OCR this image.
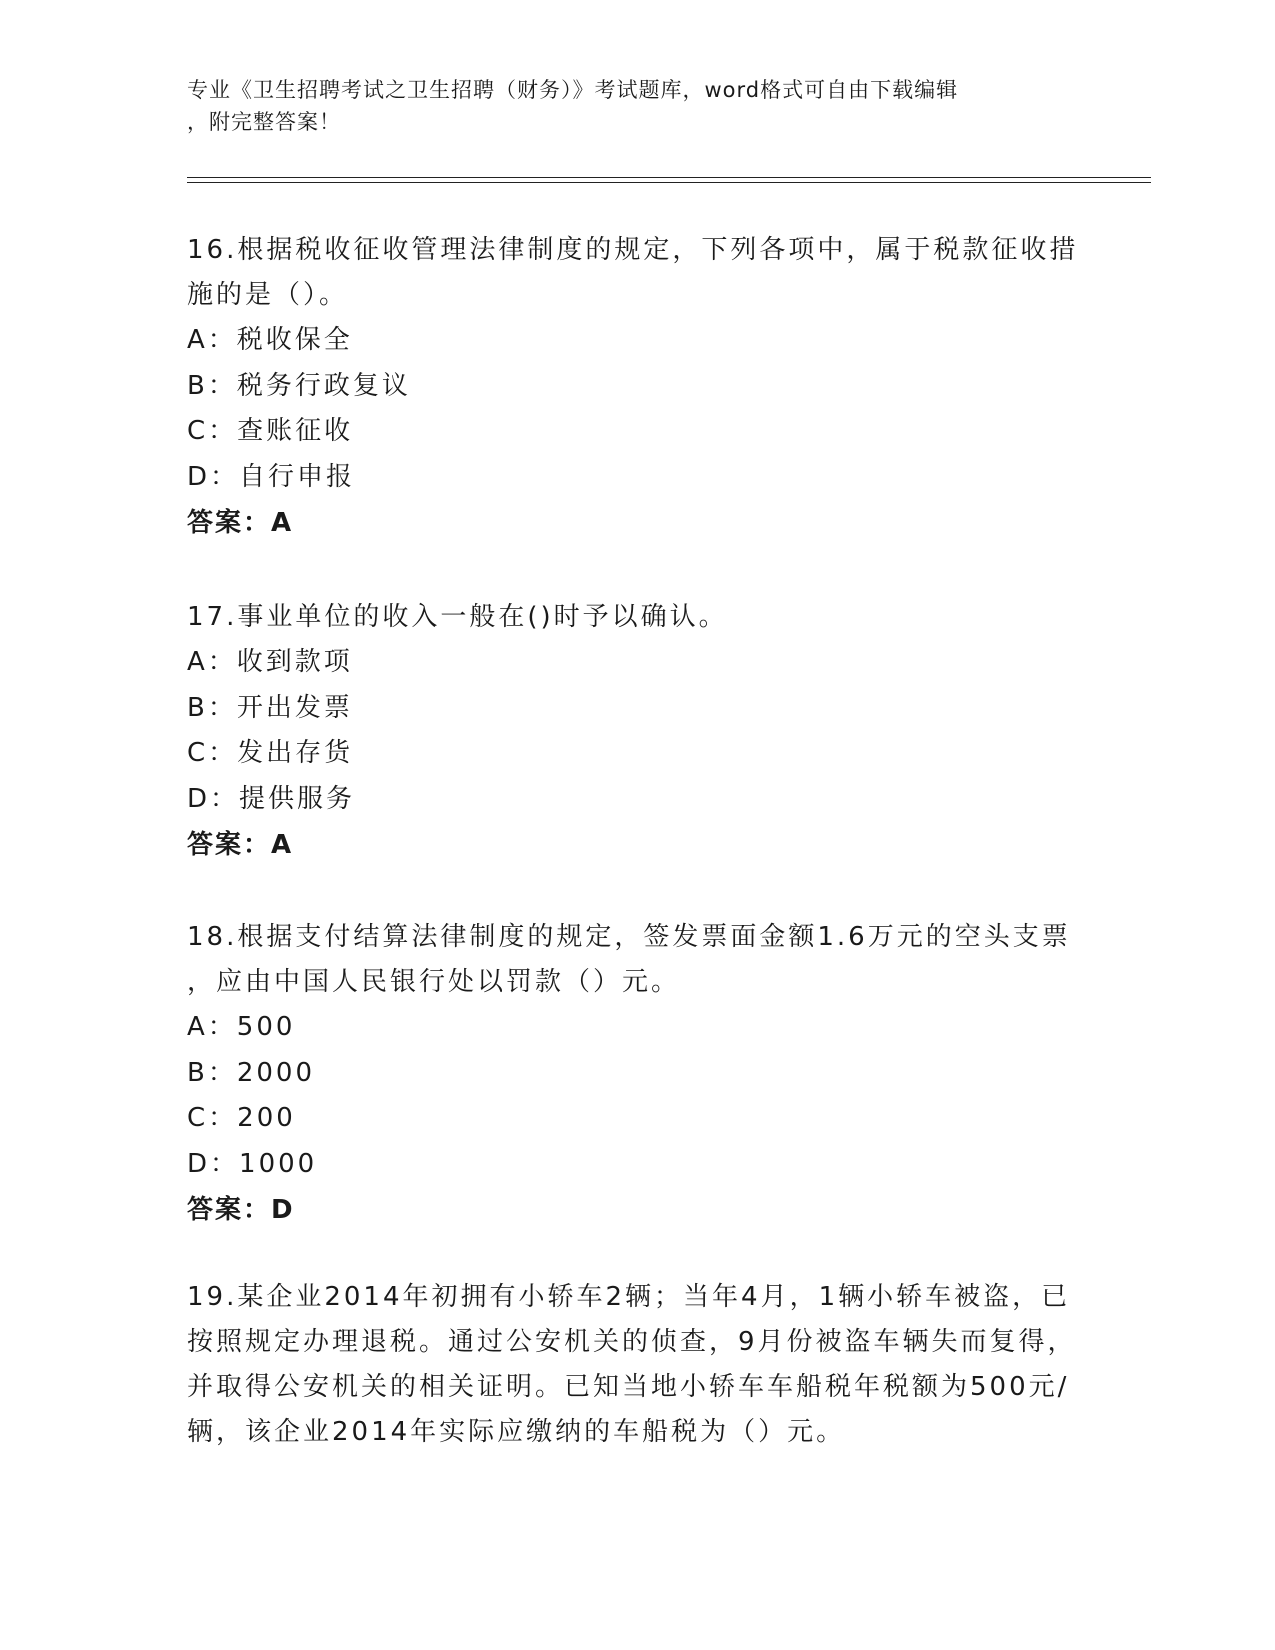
专业《卫生招聘考试之卫生招聘（财务）》考试题库，word格式可自由下载编辑
，附完整答案！
16.根据税收征收管理法律制度的规定，下列各项中，属于税款征收措
施的是（）。
A：税收保全
B：税务行政复议
C：查账征收
D：自行申报
答案：A
17.事业单位的收入一般在()时予以确认。
A：收到款项
B：开出发票
C：发出存货
D：提供服务
答案：A
18.根据支付结算法律制度的规定，签发票面金额1.6万元的空头支票
，应由中国人民银行处以罚款（）元。
A：500
B：2000
C：200
D：1000
答案：D
19.某企业2014年初拥有小轿车2辆；当年4月，1辆小轿车被盗，已
按照规定办理退税。通过公安机关的侦查，9月份被盗车辆失而复得，
并取得公安机关的相关证明。已知当地小轿车车船税年税额为500元/
辆，该企业2014年实际应缴纳的车船税为（）元。
